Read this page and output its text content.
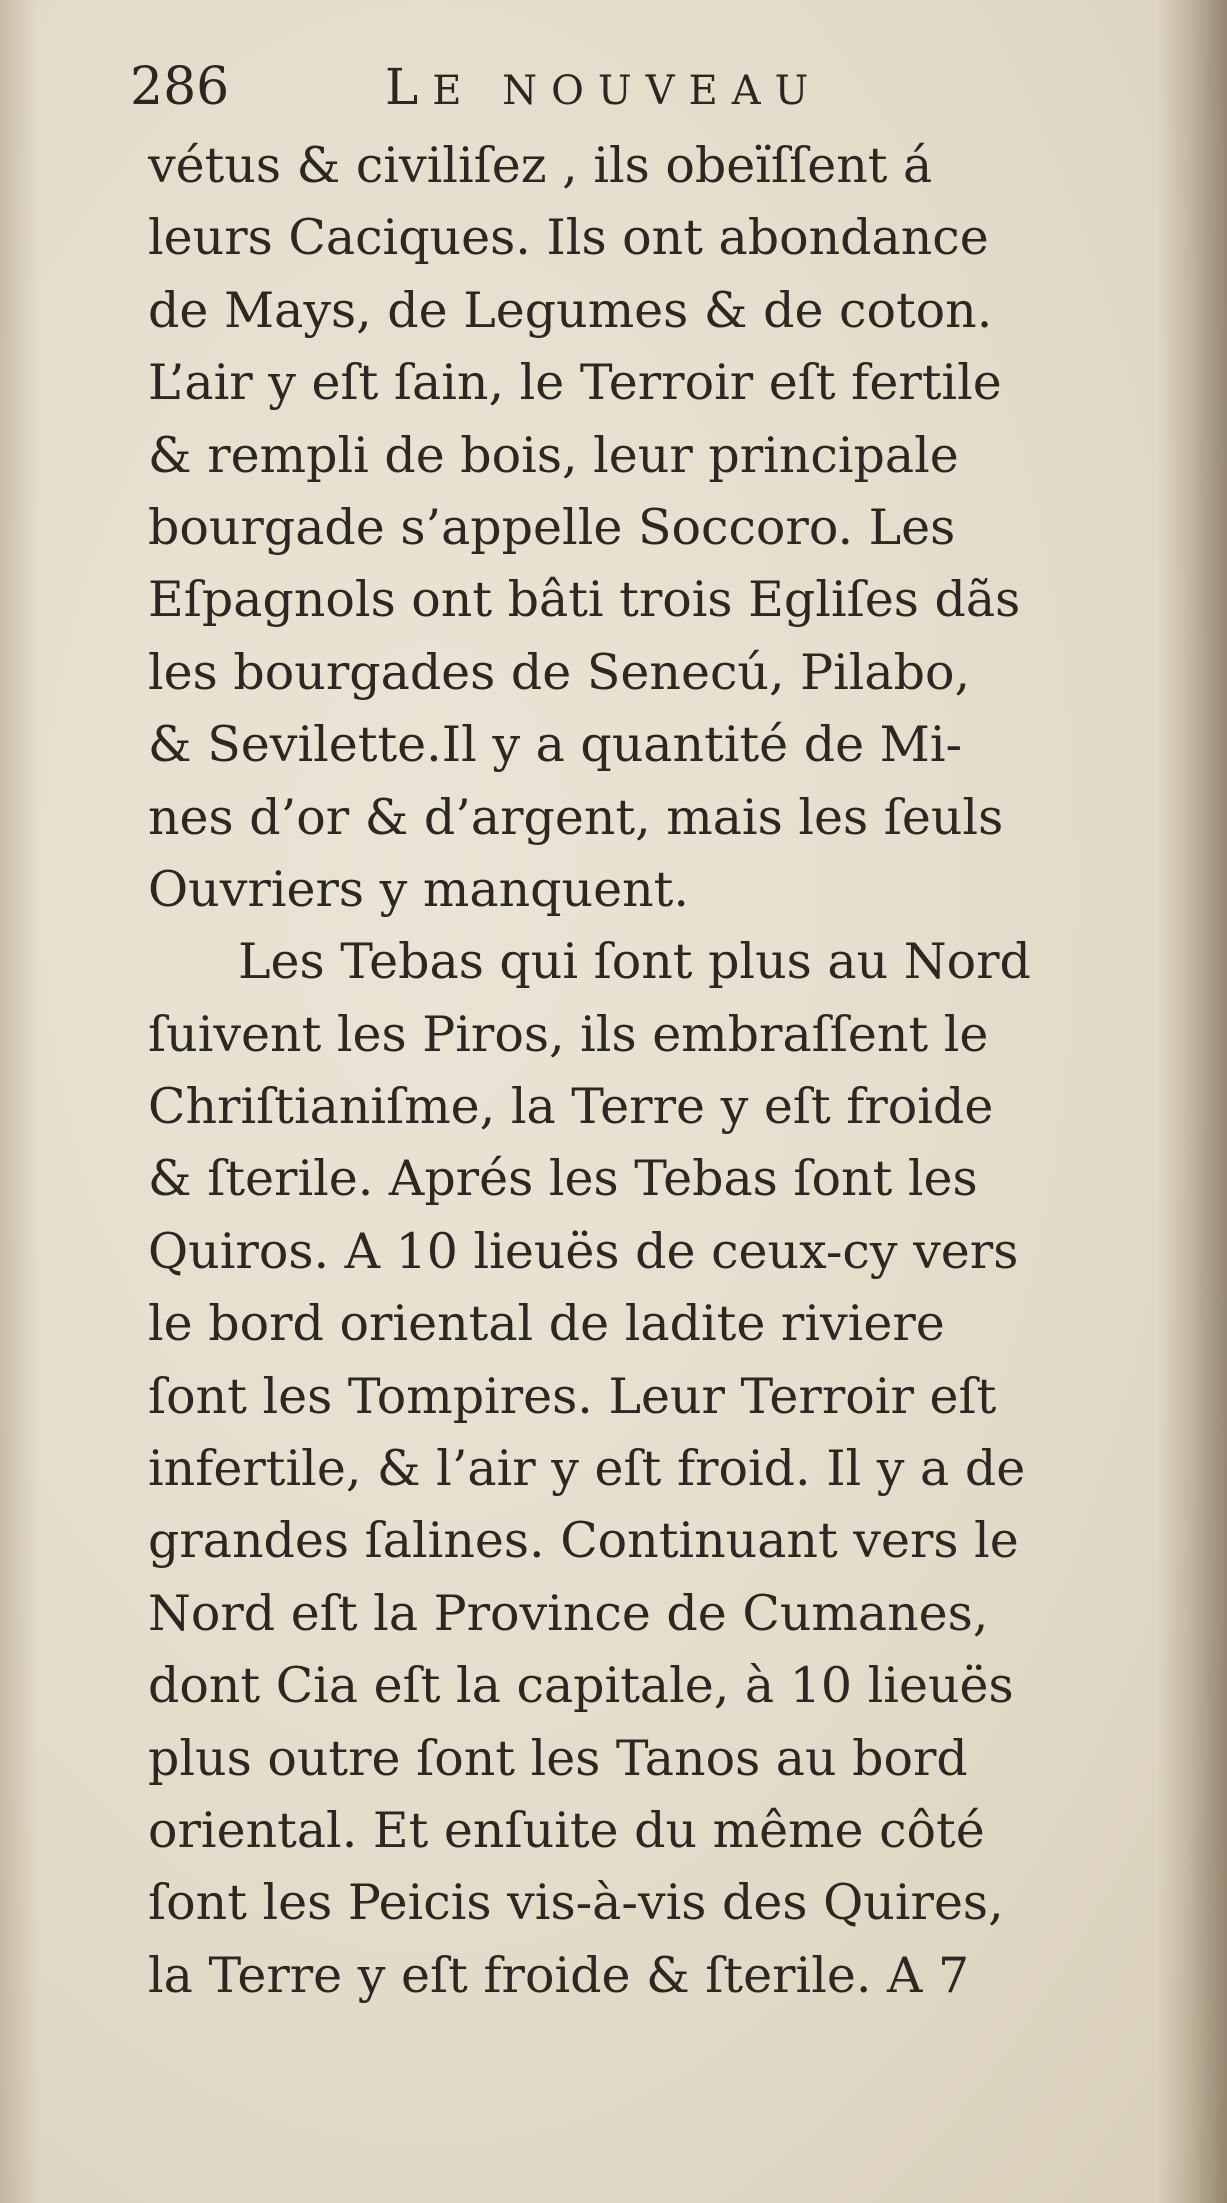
286	LE NOUVEAU
vétus & civiliſez , ils obeïſſent á
leurs Caciques. Ils ont abondance
de Mays, de Legumes & de coton.
L’air y eſt ſain, le Terroir eſt fertile
& rempli de bois, leur principale
bourgade s’appelle Soccoro. Les
Eſpagnols ont bâti trois Egliſes dãs
les bourgades de Senecú, Pilabo,
& Sevilette.Il y a quantité de Mi-
nes d’or & d’argent, mais les ſeuls
Ouvriers y manquent.
Les Tebas qui ſont plus au Nord
ſuivent les Piros, ils embraſſent le
Chriſtianiſme, la Terre y eſt froide
& ſterile. Aprés les Tebas ſont les
Quiros. A 10 lieuës de ceux-cy vers
le bord oriental de ladite riviere
ſont les Tompires. Leur Terroir eſt
infertile, & l’air y eſt froid. Il y a de
grandes ſalines. Continuant vers le
Nord eſt la Province de Cumanes,
dont Cia eſt la capitale, à 10 lieuës
plus outre ſont les Tanos au bord
oriental. Et enſuite du même côté
ſont les Peicis vis-à-vis des Quires,
la Terre y eſt froide & ſterile. A 7
